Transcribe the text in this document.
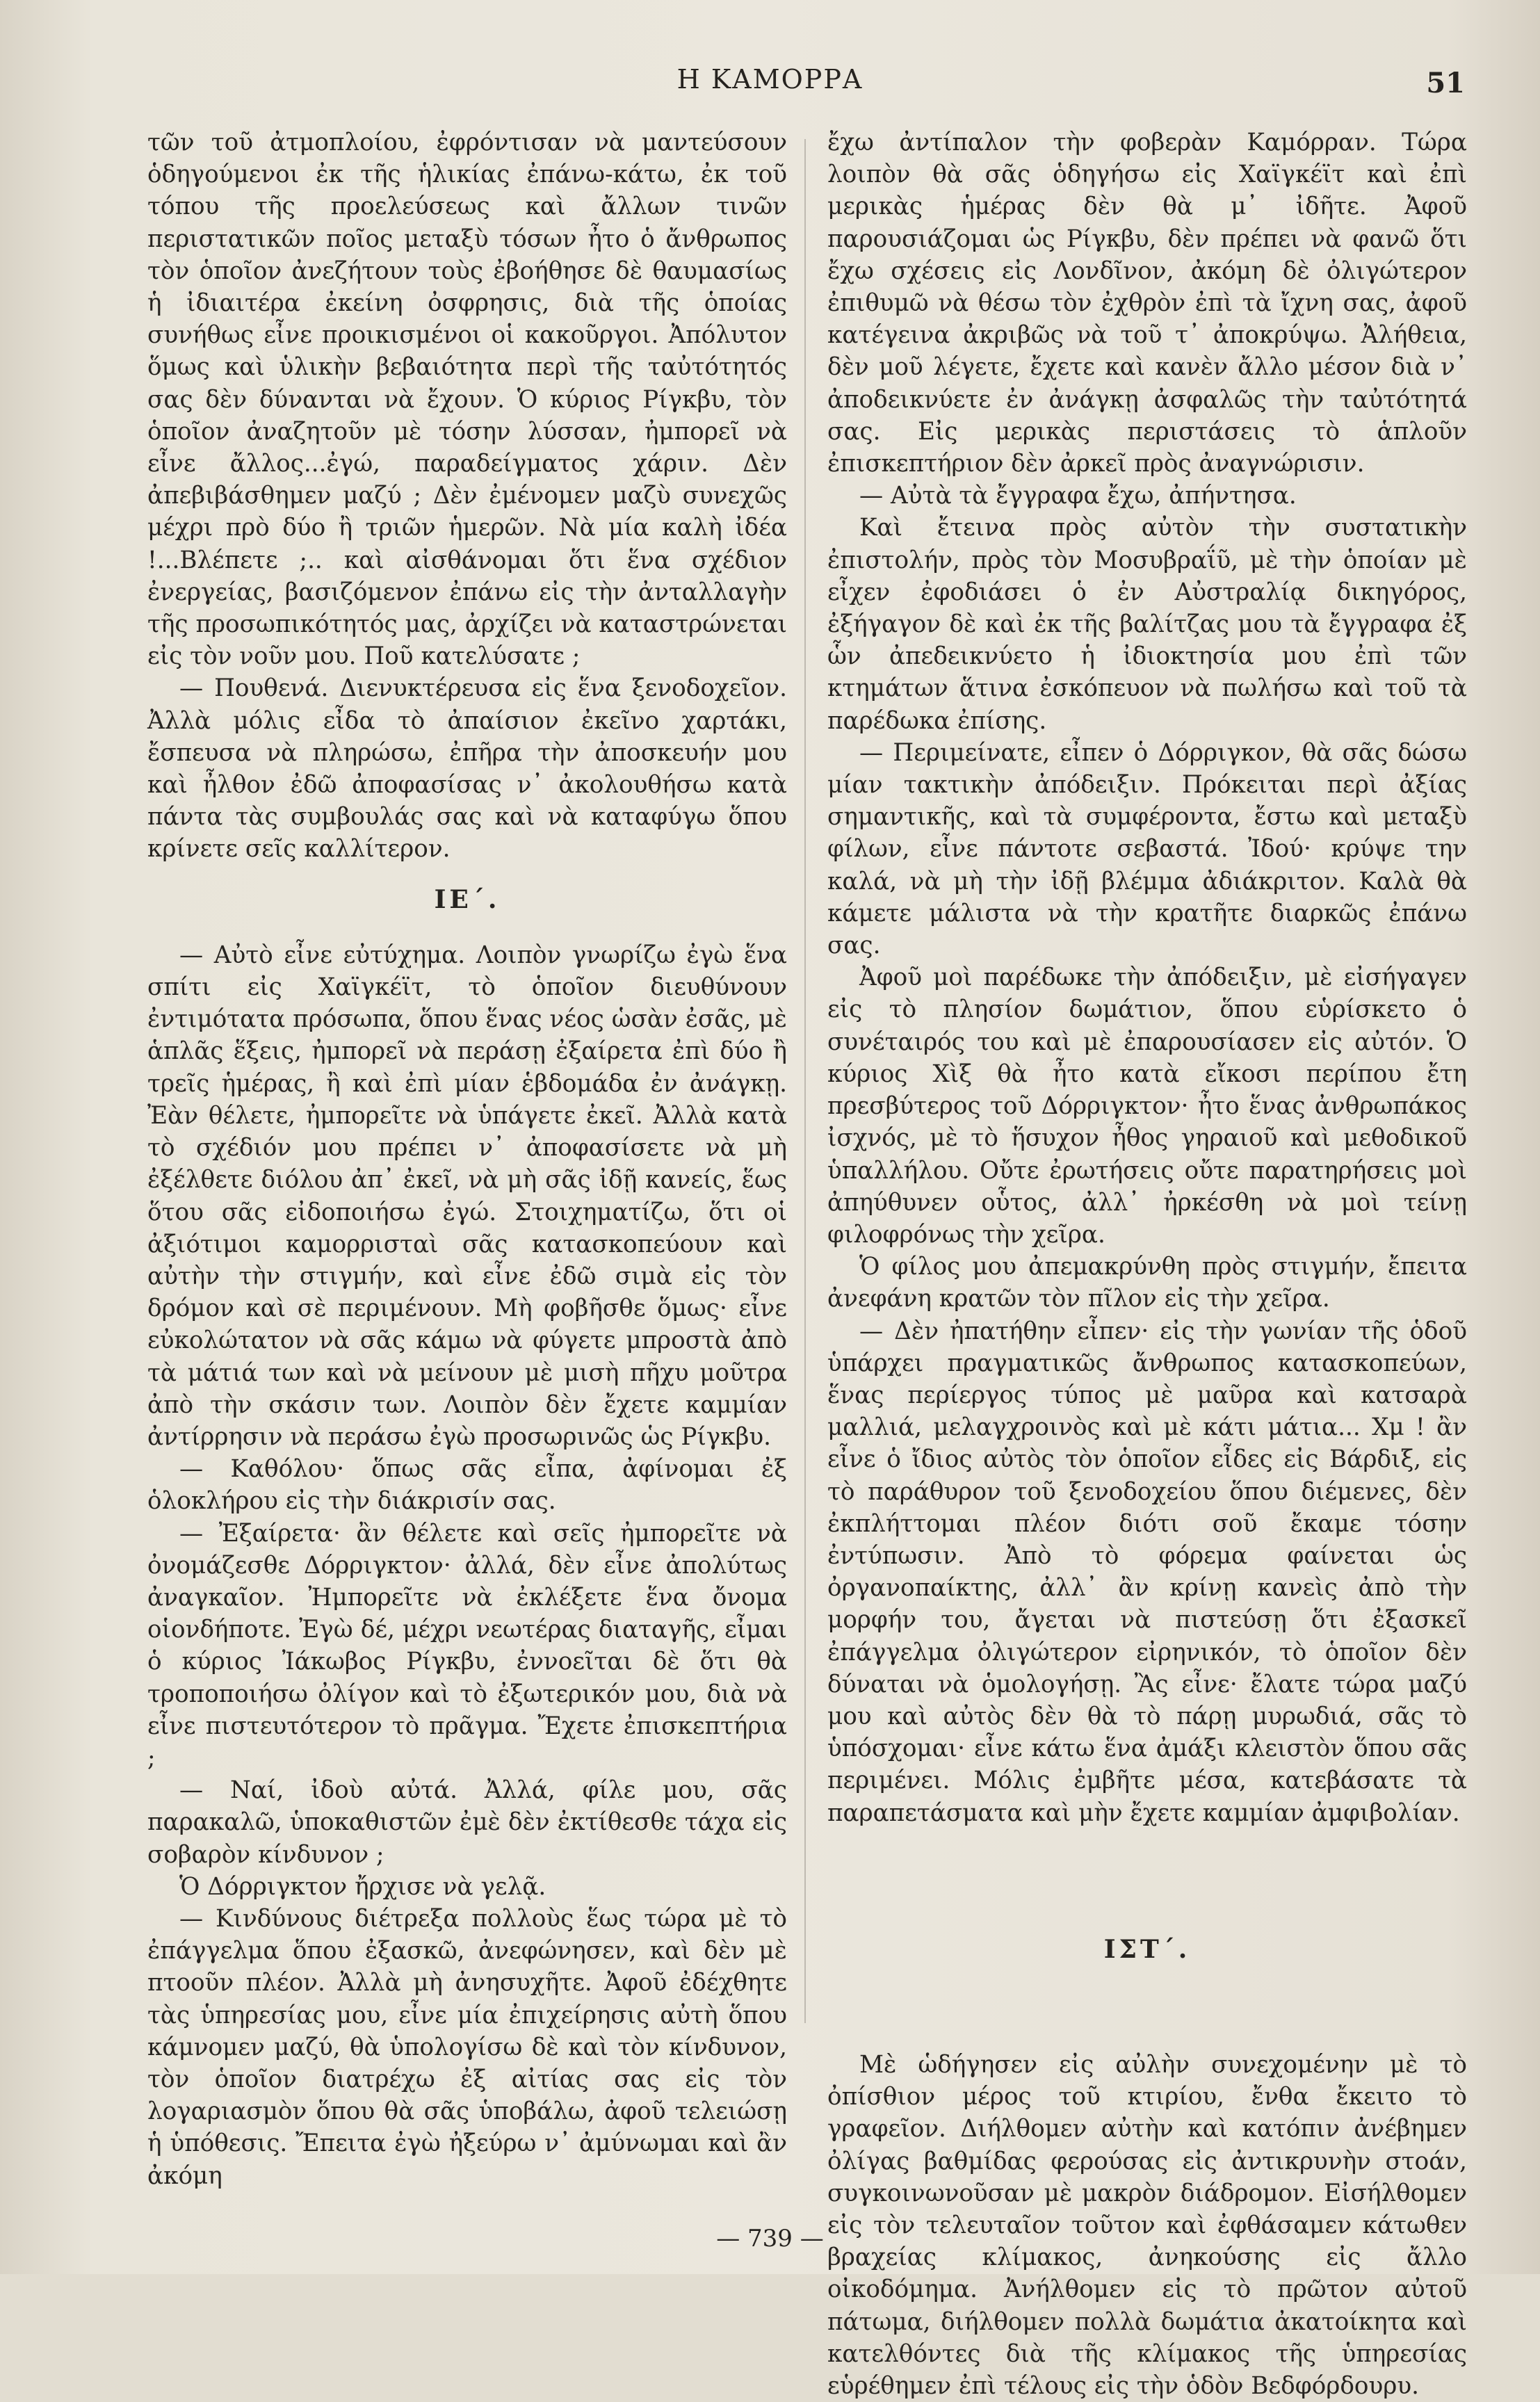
Η ΚΑΜΟΡΡΑ	51

τῶν τοῦ ἀτμοπλοίου, ἐφρόντισαν νὰ μαντεύσουν ὁδηγούμενοι ἐκ τῆς ἡλικίας ἐπάνω-κάτω, ἐκ τοῦ τόπου τῆς προελεύσεως καὶ ἄλλων τινῶν περιστατικῶν ποῖος μεταξὺ τόσων ἦτο ὁ ἄνθρωπος τὸν ὁποῖον ἀνεζήτουν τοὺς ἐβοήθησε δὲ θαυμασίως ἡ ἰδιαιτέρα ἐκείνη ὀσφρησις, διὰ τῆς ὁποίας συνήθως εἶνε προικισμένοι οἱ κακοῦργοι. Ἀπόλυτον ὅμως καὶ ὑλικὴν βεβαιότητα περὶ τῆς ταὐτότητός σας δὲν δύνανται νὰ ἔχουν. Ὁ κύριος Ρίγκβυ, τὸν ὁποῖον ἀναζητοῦν μὲ τόσην λύσσαν, ἠμπορεῖ νὰ εἶνε ἄλλος...ἐγώ, παραδείγματος χάριν. Δὲν ἀπεβιβάσθημεν μαζύ ; Δὲν ἐμένομεν μαζὺ συνεχῶς μέχρι πρὸ δύο ἢ τριῶν ἡμερῶν. Νὰ μία καλὴ ἰδέα !...Βλέπετε ;.. καὶ αἰσθάνομαι ὅτι ἕνα σχέδιον ἐνεργείας, βασιζόμενον ἐπάνω εἰς τὴν ἀνταλλαγὴν τῆς προσωπικότητός μας, ἀρχίζει νὰ καταστρώνεται εἰς τὸν νοῦν μου. Ποῦ κατελύσατε ;

— Πουθενά. Διενυκτέρευσα εἰς ἕνα ξενοδοχεῖον. Ἀλλὰ μόλις εἶδα τὸ ἀπαίσιον ἐκεῖνο χαρτάκι, ἔσπευσα νὰ πληρώσω, ἐπῆρα τὴν ἀποσκευήν μου καὶ ἦλθον ἐδῶ ἀποφασίσας ν᾽ ἀκολουθήσω κατὰ πάντα τὰς συμβουλάς σας καὶ νὰ καταφύγω ὅπου κρίνετε σεῖς καλλίτερον.

ΙΕ΄.

— Αὐτὸ εἶνε εὐτύχημα. Λοιπὸν γνωρίζω ἐγὼ ἕνα σπίτι εἰς Χαϊγκέϊτ, τὸ ὁποῖον διευθύνουν ἐντιμότατα πρόσωπα, ὅπου ἕνας νέος ὡσὰν ἐσᾶς, μὲ ἁπλᾶς ἕξεις, ἠμπορεῖ νὰ περάσῃ ἐξαίρετα ἐπὶ δύο ἢ τρεῖς ἡμέρας, ἢ καὶ ἐπὶ μίαν ἑβδομάδα ἐν ἀνάγκῃ. Ἐὰν θέλετε, ἠμπορεῖτε νὰ ὑπάγετε ἐκεῖ. Ἀλλὰ κατὰ τὸ σχέδιόν μου πρέπει ν᾽ ἀποφασίσετε νὰ μὴ ἐξέλθετε διόλου ἀπ᾽ ἐκεῖ, νὰ μὴ σᾶς ἰδῇ κανείς, ἕως ὅτου σᾶς εἰδοποιήσω ἐγώ. Στοιχηματίζω, ὅτι οἱ ἀξιότιμοι καμορρισταὶ σᾶς κατασκοπεύουν καὶ αὐτὴν τὴν στιγμήν, καὶ εἶνε ἐδῶ σιμὰ εἰς τὸν δρόμον καὶ σὲ περιμένουν. Μὴ φοβῆσθε ὅμως· εἶνε εὐκολώτατον νὰ σᾶς κάμω νὰ φύγετε μπροστὰ ἀπὸ τὰ μάτιά των καὶ νὰ μείνουν μὲ μισὴ πῆχυ μοῦτρα ἀπὸ τὴν σκάσιν των. Λοιπὸν δὲν ἔχετε καμμίαν ἀντίρρησιν νὰ περάσω ἐγὼ προσωρινῶς ὡς Ρίγκβυ.

— Καθόλου· ὅπως σᾶς εἶπα, ἀφίνομαι ἐξ ὁλοκλήρου εἰς τὴν διάκρισίν σας.

— Ἐξαίρετα· ἂν θέλετε καὶ σεῖς ἠμπορεῖτε νὰ ὀνομάζεσθε Δόρριγκτον· ἀλλά, δὲν εἶνε ἀπολύτως ἀναγκαῖον. Ἠμπορεῖτε νὰ ἐκλέξετε ἕνα ὄνομα οἱονδήποτε. Ἐγὼ δέ, μέχρι νεωτέρας διαταγῆς, εἶμαι ὁ κύριος Ἰάκωβος Ρίγκβυ, ἐννοεῖται δὲ ὅτι θὰ τροποποιήσω ὀλίγον καὶ τὸ ἐξωτερικόν μου, διὰ νὰ εἶνε πιστευτότερον τὸ πρᾶγμα. Ἔχετε ἐπισκεπτήρια ;

— Ναί, ἰδοὺ αὐτά. Ἀλλά, φίλε μου, σᾶς παρακαλῶ, ὑποκαθιστῶν ἐμὲ δὲν ἐκτίθεσθε τάχα εἰς σοβαρὸν κίνδυνον ;

Ὁ Δόρριγκτον ἤρχισε νὰ γελᾷ.

— Κινδύνους διέτρεξα πολλοὺς ἕως τώρα μὲ τὸ ἐπάγγελμα ὅπου ἐξασκῶ, ἀνεφώνησεν, καὶ δὲν μὲ πτοοῦν πλέον. Ἀλλὰ μὴ ἀνησυχῆτε. Ἀφοῦ ἐδέχθητε τὰς ὑπηρεσίας μου, εἶνε μία ἐπιχείρησις αὐτὴ ὅπου κάμνομεν μαζύ, θὰ ὑπολογίσω δὲ καὶ τὸν κίνδυνον, τὸν ὁποῖον διατρέχω ἐξ αἰτίας σας εἰς τὸν λογαριασμὸν ὅπου θὰ σᾶς ὑποβάλω, ἀφοῦ τελειώσῃ ἡ ὑπόθεσις. Ἔπειτα ἐγὼ ἠξεύρω ν᾽ ἀμύνωμαι καὶ ἂν ἀκόμη

ἔχω ἀντίπαλον τὴν φοβερὰν Καμόρραν. Τώρα λοιπὸν θὰ σᾶς ὁδηγήσω εἰς Χαϊγκέϊτ καὶ ἐπὶ μερικὰς ἡμέρας δὲν θὰ μ᾽ ἰδῆτε. Ἀφοῦ παρουσιάζομαι ὡς Ρίγκβυ, δὲν πρέπει νὰ φανῶ ὅτι ἔχω σχέσεις εἰς Λονδῖνον, ἀκόμη δὲ ὀλιγώτερον ἐπιθυμῶ νὰ θέσω τὸν ἐχθρὸν ἐπὶ τὰ ἴχνη σας, ἀφοῦ κατέγεινα ἀκριβῶς νὰ τοῦ τ᾽ ἀποκρύψω. Ἀλήθεια, δὲν μοῦ λέγετε, ἔχετε καὶ κανὲν ἄλλο μέσον διὰ ν᾽ ἀποδεικνύετε ἐν ἀνάγκῃ ἀσφαλῶς τὴν ταὐτότητά σας. Εἰς μερικὰς περιστάσεις τὸ ἁπλοῦν ἐπισκεπτήριον δὲν ἀρκεῖ πρὸς ἀναγνώρισιν.

— Αὐτὰ τὰ ἔγγραφα ἔχω, ἀπήντησα.

Καὶ ἔτεινα πρὸς αὐτὸν τὴν συστατικὴν ἐπιστολήν, πρὸς τὸν Μοσυβραΐῦ, μὲ τὴν ὁποίαν μὲ εἶχεν ἐφοδιάσει ὁ ἐν Αὐστραλίᾳ δικηγόρος, ἐξήγαγον δὲ καὶ ἐκ τῆς βαλίτζας μου τὰ ἔγγραφα ἐξ ὧν ἀπεδεικνύετο ἡ ἰδιοκτησία μου ἐπὶ τῶν κτημάτων ἅτινα ἐσκόπευον νὰ πωλήσω καὶ τοῦ τὰ παρέδωκα ἐπίσης.

— Περιμείνατε, εἶπεν ὁ Δόρριγκον, θὰ σᾶς δώσω μίαν τακτικὴν ἀπόδειξιν. Πρόκειται περὶ ἀξίας σημαντικῆς, καὶ τὰ συμφέροντα, ἔστω καὶ μεταξὺ φίλων, εἶνε πάντοτε σεβαστά. Ἰδού· κρύψε την καλά, νὰ μὴ τὴν ἰδῇ βλέμμα ἀδιάκριτον. Καλὰ θὰ κάμετε μάλιστα νὰ τὴν κρατῆτε διαρκῶς ἐπάνω σας.

Ἀφοῦ μοὶ παρέδωκε τὴν ἀπόδειξιν, μὲ εἰσήγαγεν εἰς τὸ πλησίον δωμάτιον, ὅπου εὑρίσκετο ὁ συνέταιρός του καὶ μὲ ἐπαρουσίασεν εἰς αὐτόν. Ὁ κύριος Χὶξ θὰ ἦτο κατὰ εἴκοσι περίπου ἔτη πρεσβύτερος τοῦ Δόρριγκτον· ἦτο ἕνας ἀνθρωπάκος ἰσχνός, μὲ τὸ ἥσυχον ἦθος γηραιοῦ καὶ μεθοδικοῦ ὑπαλλήλου. Οὔτε ἐρωτήσεις οὔτε παρατηρήσεις μοὶ ἀπηύθυνεν οὗτος, ἀλλ᾽ ἠρκέσθη νὰ μοὶ τείνῃ φιλοφρόνως τὴν χεῖρα.

Ὁ φίλος μου ἀπεμακρύνθη πρὸς στιγμήν, ἔπειτα ἀνεφάνη κρατῶν τὸν πῖλον εἰς τὴν χεῖρα.

— Δὲν ἠπατήθην εἶπεν· εἰς τὴν γωνίαν τῆς ὁδοῦ ὑπάρχει πραγματικῶς ἄνθρωπος κατασκοπεύων, ἕνας περίεργος τύπος μὲ μαῦρα καὶ κατσαρὰ μαλλιά, μελαγχροινὸς καὶ μὲ κάτι μάτια... Χμ ! ἂν εἶνε ὁ ἴδιος αὐτὸς τὸν ὁποῖον εἶδες εἰς Βάρδιξ, εἰς τὸ παράθυρον τοῦ ξενοδοχείου ὅπου διέμενες, δὲν ἐκπλήττομαι πλέον διότι σοῦ ἔκαμε τόσην ἐντύπωσιν. Ἀπὸ τὸ φόρεμα φαίνεται ὡς ὀργανοπαίκτης, ἀλλ᾽ ἂν κρίνῃ κανεὶς ἀπὸ τὴν μορφήν του, ἄγεται νὰ πιστεύσῃ ὅτι ἐξασκεῖ ἐπάγγελμα ὀλιγώτερον εἰρηνικόν, τὸ ὁποῖον δὲν δύναται νὰ ὁμολογήσῃ. Ἂς εἶνε· ἔλατε τώρα μαζύ μου καὶ αὐτὸς δὲν θὰ τὸ πάρῃ μυρωδιά, σᾶς τὸ ὑπόσχομαι· εἶνε κάτω ἕνα ἀμάξι κλειστὸν ὅπου σᾶς περιμένει. Μόλις ἐμβῆτε μέσα, κατεβάσατε τὰ παραπετάσματα καὶ μὴν ἔχετε καμμίαν ἀμφιβολίαν.

ΙΣΤ΄.

Μὲ ὡδήγησεν εἰς αὐλὴν συνεχομένην μὲ τὸ ὀπίσθιον μέρος τοῦ κτιρίου, ἔνθα ἔκειτο τὸ γραφεῖον. Διήλθομεν αὐτὴν καὶ κατόπιν ἀνέβημεν ὀλίγας βαθμίδας φερούσας εἰς ἀντικρυνὴν στοάν, συγκοινωνοῦσαν μὲ μακρὸν διάδρομον. Εἰσήλθομεν εἰς τὸν τελευταῖον τοῦτον καὶ ἐφθάσαμεν κάτωθεν βραχείας κλίμακος, ἀνηκούσης εἰς ἄλλο οἰκοδόμημα. Ἀνήλθομεν εἰς τὸ πρῶτον αὐτοῦ πάτωμα, διήλθομεν πολλὰ δωμάτια ἀκατοίκητα καὶ κατελθόντες διὰ τῆς κλίμακος τῆς ὑπηρεσίας εὑρέθημεν ἐπὶ τέλους εἰς τὴν ὁδὸν Βεδφόρδουρυ.

— 739 —
